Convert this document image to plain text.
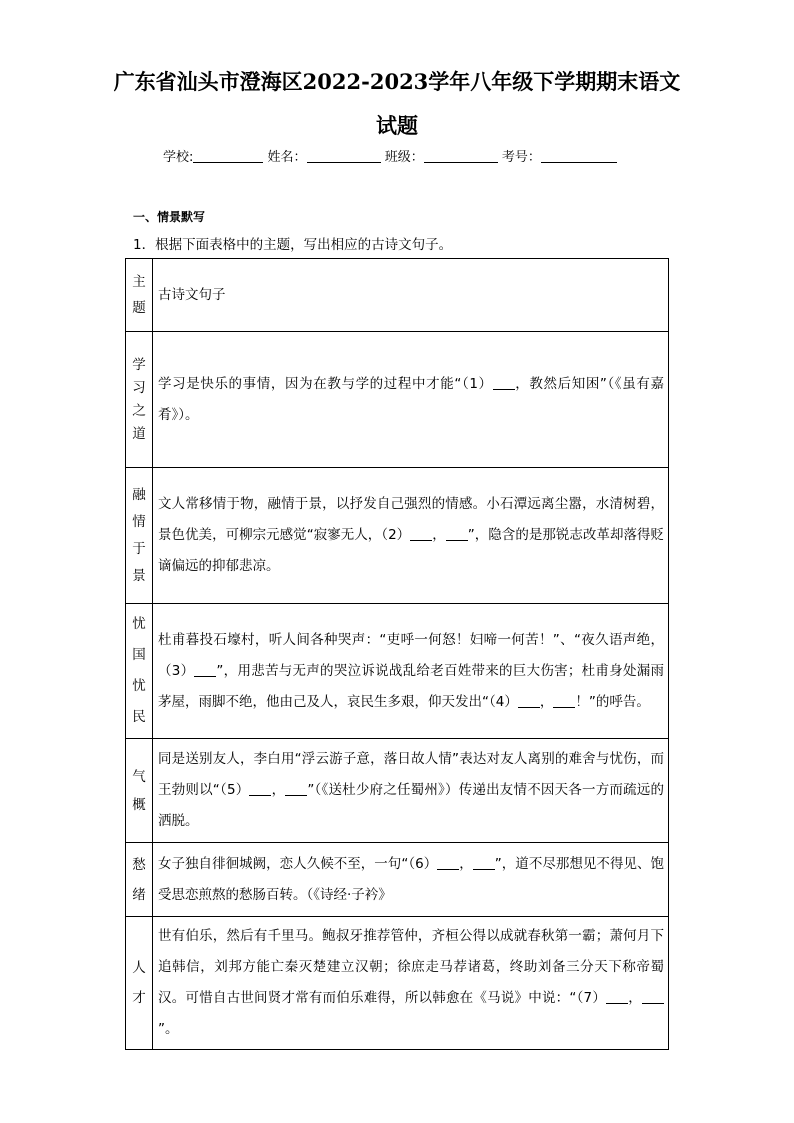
广东省汕头市澄海区2022-2023学年八年级下学期期末语文
试题
学校:	姓名：	班级：	考号：
一、情景默写
1．根据下面表格中的主题，写出相应的古诗文句子。
主
题	古诗文句子
学
习
之
道	学习是快乐的事情，因为在教与学的过程中才能“（1） ，教然后知困”（《虽有嘉肴》）。
融
情
于
景	文人常移情于物，融情于景，以抒发自己强烈的情感。小石潭远离尘嚣，水清树碧，景色优美，可柳宗元感觉“寂寥无人，（2） ， ”，隐含的是那锐志改革却落得贬谪偏远的抑郁悲凉。
忧
国
忧
民	杜甫暮投石壕村，听人间各种哭声：“吏呼一何怒！妇啼一何苦！”、“夜久语声绝，（3） ”，用悲苦与无声的哭泣诉说战乱给老百姓带来的巨大伤害；杜甫身处漏雨茅屋，雨脚不绝，他由己及人，哀民生多艰，仰天发出“（4） ， ！”的呼告。
气
概	同是送别友人，李白用“浮云游子意，落日故人情”表达对友人离别的难舍与忧伤，而王勃则以“（5） ， ”（《送杜少府之任蜀州》）传递出友情不因天各一方而疏远的洒脱。
愁
绪	女子独自徘徊城阙，恋人久候不至，一句“（6） ， ”，道不尽那想见不得见、饱受思恋煎熬的愁肠百转。（《诗经·子衿》
人
才	世有伯乐，然后有千里马。鲍叔牙推荐管仲，齐桓公得以成就春秋第一霸；萧何月下追韩信，刘邦方能亡秦灭楚建立汉朝；徐庶走马荐诸葛，终助刘备三分天下称帝蜀汉。可惜自古世间贤才常有而伯乐难得，所以韩愈在《马说》中说：“（7） ，”。
